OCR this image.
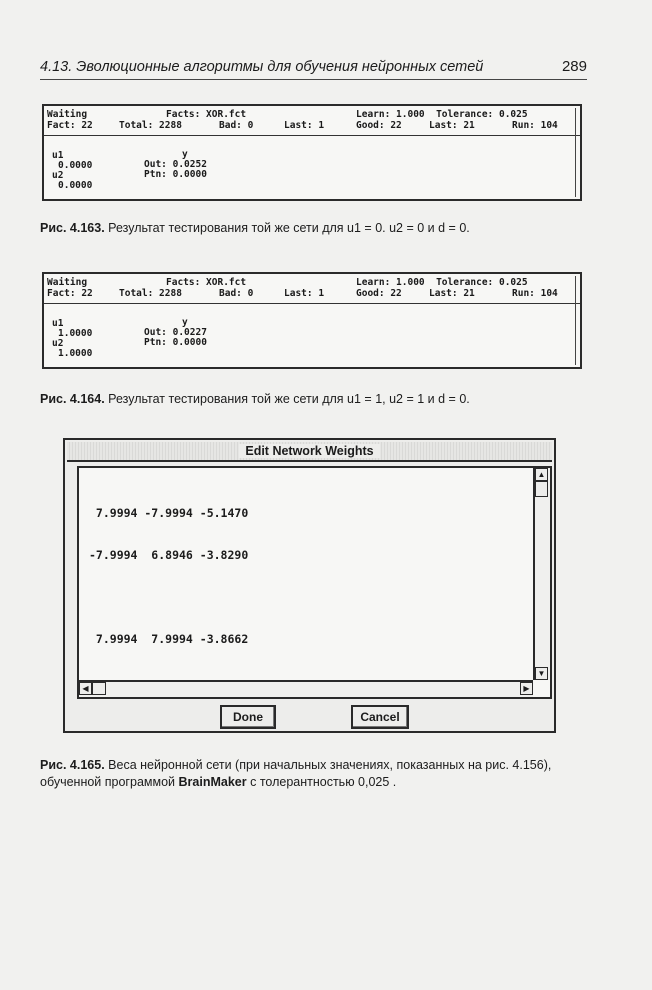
4.13. Эволюционные алгоритмы для обучения нейронных сетей	289
Waiting	Facts: XOR.fct	Learn: 1.000  Tolerance: 0.025
Fact: 22	Total: 2288	Bad: 0	Last: 1	Good: 22	Last: 21	Run: 104
u1
0.0000
u2
0.0000
y
Out: 0.0252
Ptn: 0.0000
Рис. 4.163. Результат тестирования той же сети для u1 = 0. u2 = 0 и d = 0.
Waiting	Facts: XOR.fct	Learn: 1.000  Tolerance: 0.025
Fact: 22	Total: 2288	Bad: 0	Last: 1	Good: 22	Last: 21	Run: 104
u1
1.0000
u2
1.0000
y
Out: 0.0227
Ptn: 0.0000
Рис. 4.164. Результат тестирования той же сети для u1 = 1, u2 = 1 и d = 0.
Edit Network Weights

7.9994 -7.9994 -5.1470

-7.9994  6.8946 -3.8290

7.9994  7.9994 -3.8662

▲
▼
◀	▶
Done	Cancel
Рис. 4.165. Веса нейронной сети (при начальных значениях, показанных на рис. 4.156),
обученной программой BrainMaker с толерантностью 0,025 .
